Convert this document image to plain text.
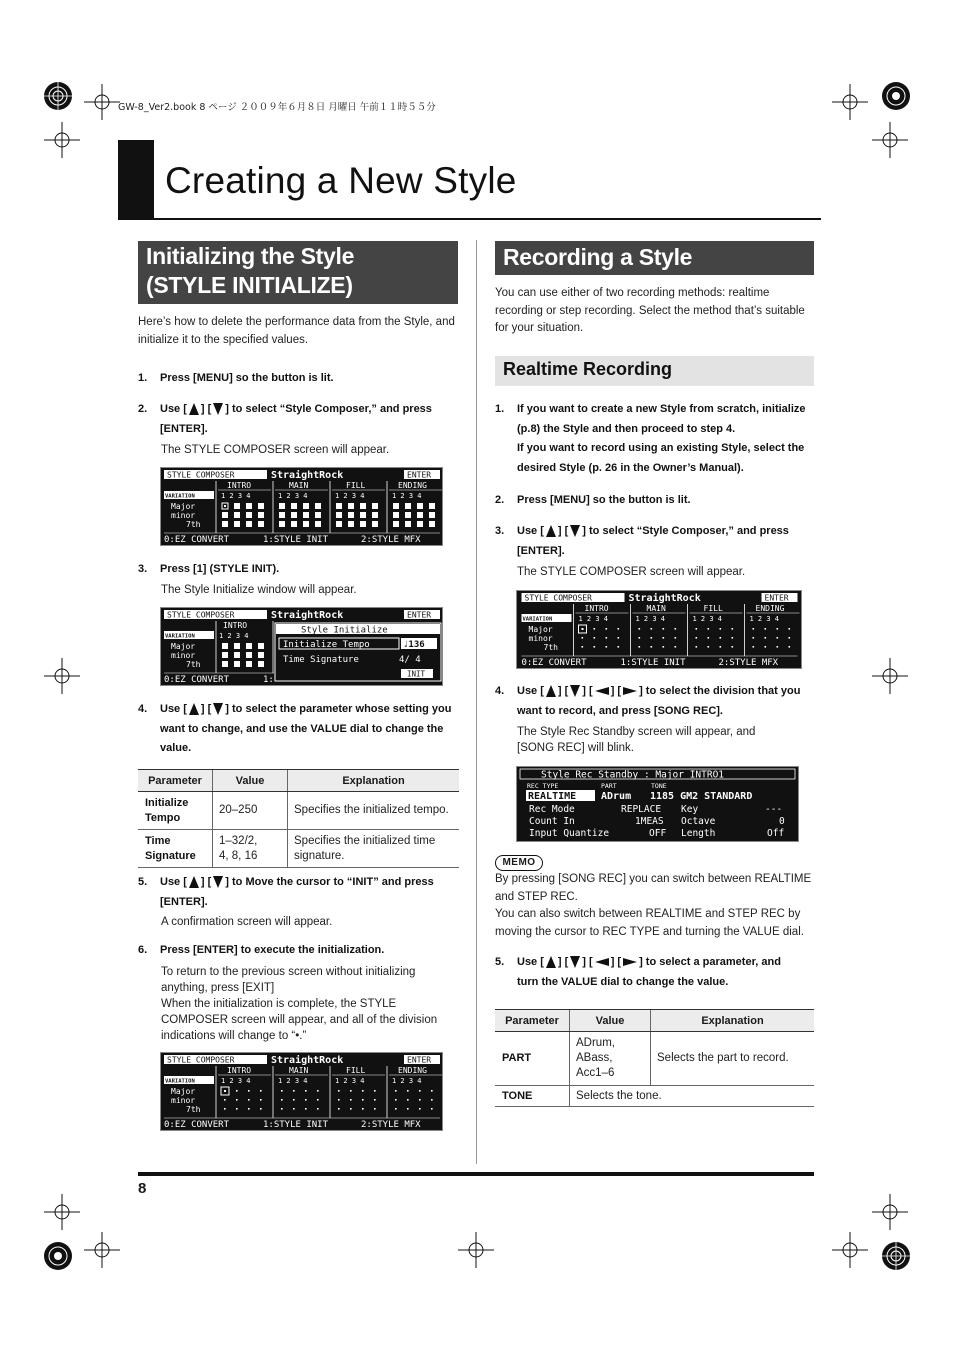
GW-8_Ver2.book 8 ページ ２００９年６月８日 月曜日 午前１１時５５分
Creating a New Style
Initializing the Style
(STYLE INITIALIZE)
Here’s how to delete the performance data from the Style, and
initialize it to the specified values.
1. Press [MENU] so the button is lit.
2. Use [ ] [ ] to select “Style Composer,” and press
[ENTER].
The STYLE COMPOSER screen will appear.
STYLE COMPOSER	StraightRock	ENTER
VARIATION
Major
minor
7th
INTRO
1 2 3 4
MAIN
1 2 3 4
FILL
1 2 3 4
ENDING
1 2 3 4
0:EZ CONVERT	1:STYLE INIT	2:STYLE MFX
3. Press [1] (STYLE INIT).
The Style Initialize window will appear.
STYLE COMPOSER	StraightRock	ENTER
INTRO
VARIATION	1 2 3 4
Major
minor
7th
Style Initialize
Initialize Tempo	♩136
Time Signature	4/ 4
INIT
0:EZ CONVERT	1:
4. Use [ ] [ ] to select the parameter whose setting you
want to change, and use the VALUE dial to change the
value.
Parameter	Value	Explanation
Initialize
Tempo	20–250	Specifies the initialized tempo.
Time
Signature	1–32/2,
4, 8, 16	Specifies the initialized time
signature.
5. Use [ ] [ ] to Move the cursor to “INIT” and press
[ENTER].
A confirmation screen will appear.
6. Press [ENTER] to execute the initialization.
To return to the previous screen without initializing
anything, press [EXIT]
When the initialization is complete, the STYLE
COMPOSER screen will appear, and all of the division
indications will change to “•.”
STYLE COMPOSER	StraightRock	ENTER
VARIATION
Major
minor
7th
INTRO
1 2 3 4
MAIN
1 2 3 4
FILL
1 2 3 4
ENDING
1 2 3 4
0:EZ CONVERT	1:STYLE INIT	2:STYLE MFX
Recording a Style
You can use either of two recording methods: realtime
recording or step recording. Select the method that’s suitable
for your situation.
Realtime Recording
1. If you want to create a new Style from scratch, initialize
(p.8) the Style and then proceed to step 4.
If you want to record using an existing Style, select the
desired Style (p. 26 in the Owner’s Manual).
2. Press [MENU] so the button is lit.
3. Use [ ] [ ] to select “Style Composer,” and press
[ENTER].
The STYLE COMPOSER screen will appear.
STYLE COMPOSER	StraightRock	ENTER
VARIATION
Major
minor
7th
INTRO
1 2 3 4
MAIN
1 2 3 4
FILL
1 2 3 4
ENDING
1 2 3 4
0:EZ CONVERT	1:STYLE INIT	2:STYLE MFX
4. Use [ ] [ ] [ ] [ ] to select the division that you
want to record, and press [SONG REC].
The Style Rec Standby screen will appear, and
[SONG REC] will blink.
Style Rec Standby : Major INTRO1
REC TYPE	PART	TONE
REALTIME ADrum 1185 GM2 STANDARD
Rec Mode	REPLACE Key	---
Count In	1MEAS Octave	0
Input Quantize	OFF Length	Off
MEMO
By pressing [SONG REC] you can switch between REALTIME
and STEP REC.
You can also switch between REALTIME and STEP REC by
moving the cursor to REC TYPE and turning the VALUE dial.
5. Use [ ] [ ] [ ] [ ] to select a parameter, and
turn the VALUE dial to change the value.
Parameter	Value	Explanation
PART	ADrum,
ABass,
Acc1–6	Selects the part to record.
TONE	Selects the tone.	
8
